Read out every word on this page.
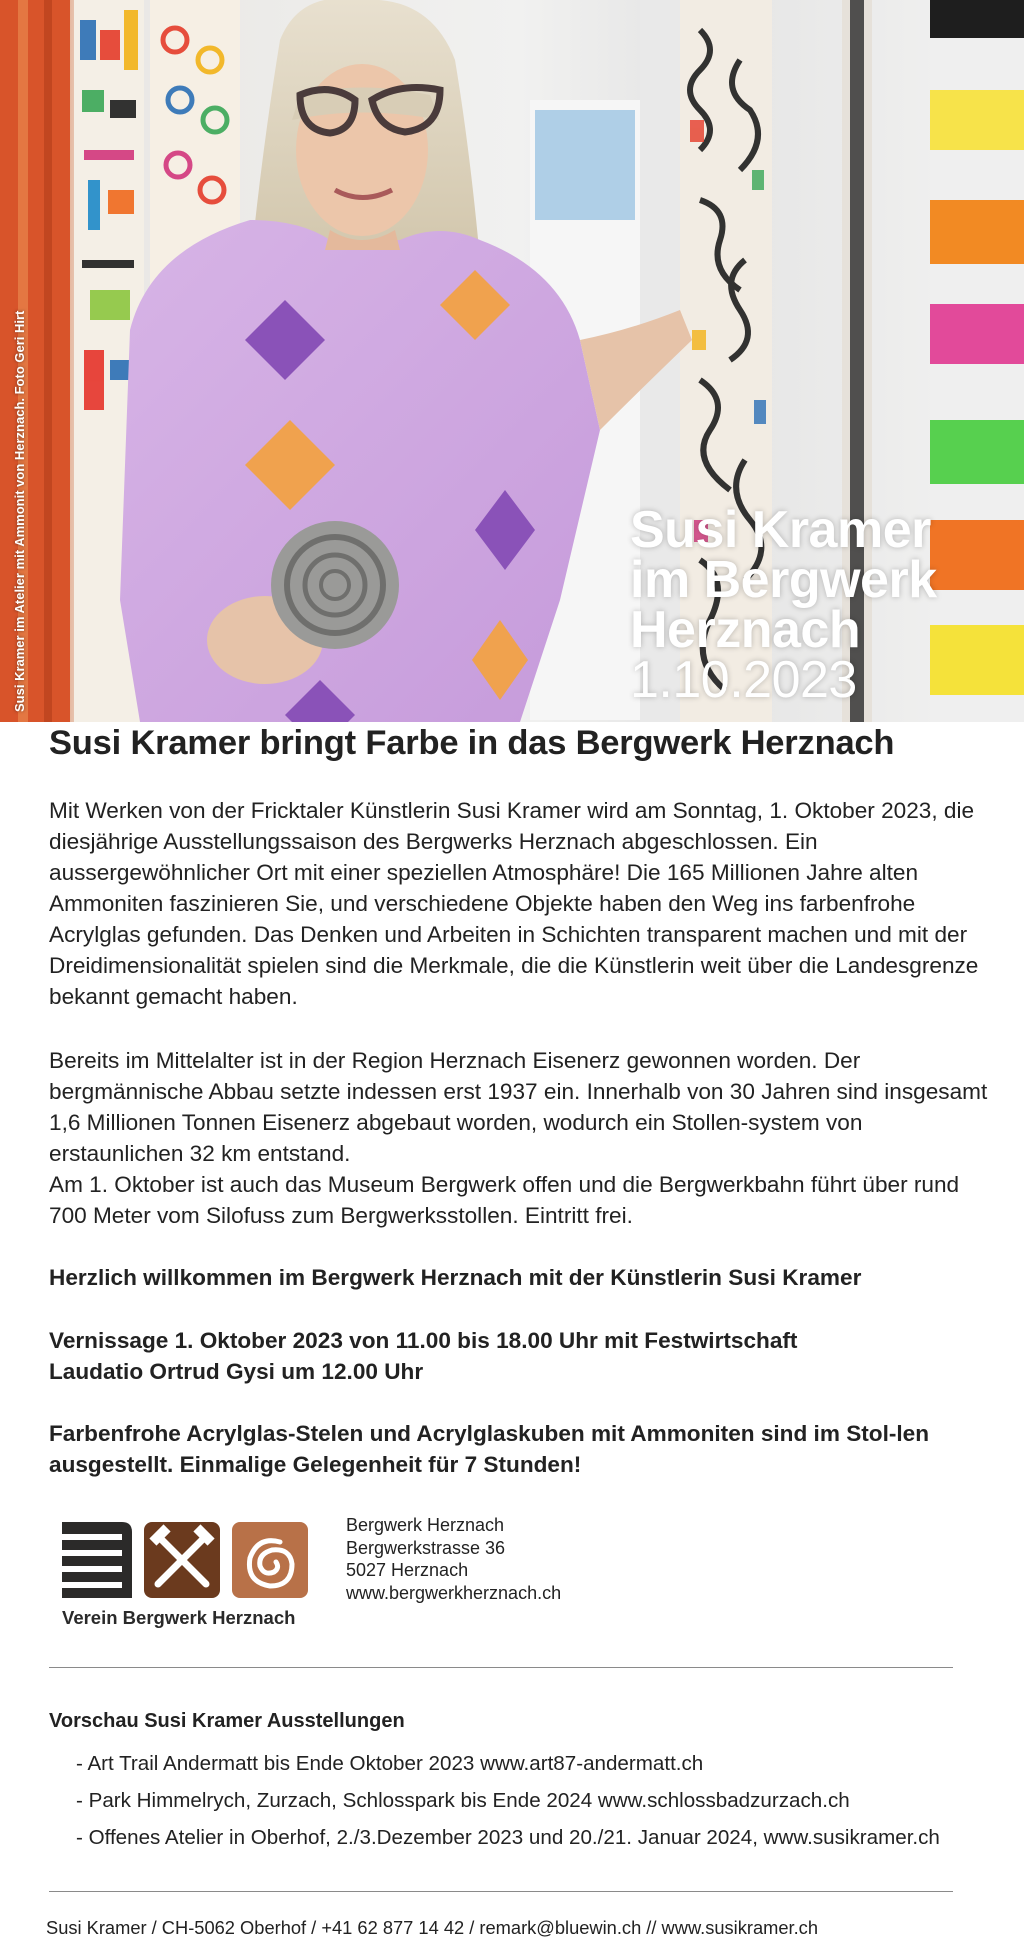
Susi Kramer
im Bergwerk
Herznach
1.10.2023
Susi Kramer im Atelier mit Ammonit von Herznach. Foto Geri Hirt
Susi Kramer bringt Farbe in das Bergwerk Herznach

Mit Werken von der Fricktaler Künstlerin Susi Kramer wird am Sonntag, 1. Oktober 2023, die diesjährige Ausstellungssaison des Bergwerks Herznach abgeschlossen. Ein aussergewöhnlicher Ort mit einer speziellen Atmosphäre! Die 165 Millionen Jahre alten Ammoniten faszinieren Sie, und verschiedene Objekte haben den Weg ins farbenfrohe Acrylglas gefunden. Das Denken und Arbeiten in Schichten transparent machen und mit der Dreidimensionalität spielen sind die Merkmale, die die Künstlerin weit über die Landesgrenze bekannt gemacht haben.

Bereits im Mittelalter ist in der Region Herznach Eisenerz gewonnen worden. Der bergmännische Abbau setzte indessen erst 1937 ein. Innerhalb von 30 Jahren sind insgesamt 1,6 Millionen Tonnen Eisenerz abgebaut worden, wodurch ein Stollen-system von erstaunlichen 32 km entstand.
Am 1. Oktober ist auch das Museum Bergwerk offen und die Bergwerkbahn führt über rund 700 Meter vom Silofuss zum Bergwerksstollen. Eintritt frei.

Herzlich willkommen im Bergwerk Herznach mit der Künstlerin Susi Kramer

Vernissage 1. Oktober 2023 von 11.00 bis 18.00 Uhr mit Festwirtschaft

Laudatio Ortrud Gysi um 12.00 Uhr

Farbenfrohe Acrylglas-Stelen und Acrylglaskuben mit Ammoniten sind im Stol-len ausgestellt. Einmalige Gelegenheit für 7 Stunden!

Verein Bergwerk Herznach
Bergwerk Herznach
Bergwerkstrasse 36
5027 Herznach
www.bergwerkherznach.ch
Vorschau Susi Kramer Ausstellungen
- Art Trail Andermatt bis Ende Oktober 2023 www.art87-andermatt.ch
- Park Himmelrych, Zurzach, Schlosspark bis Ende 2024 www.schlossbadzurzach.ch
- Offenes Atelier in Oberhof, 2./3.Dezember 2023 und 20./21. Januar 2024, www.susikramer.ch
Susi Kramer / CH-5062 Oberhof / +41 62 877 14 42 / remark@bluewin.ch // www.susikramer.ch
